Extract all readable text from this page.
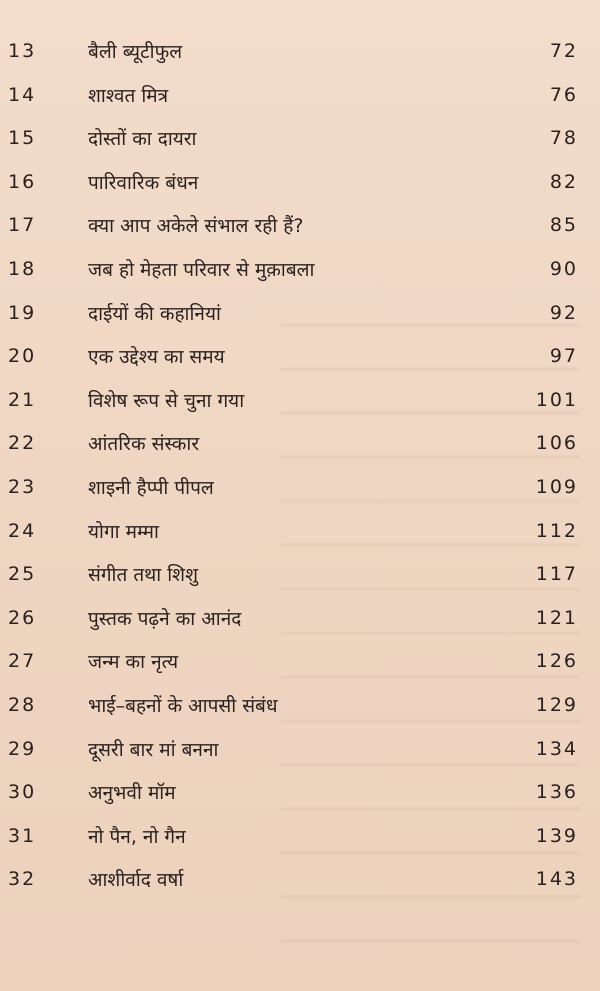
13	बैली ब्यूटीफुल	72
14	शाश्वत मित्र	76
15	दोस्तों का दायरा	78
16	पारिवारिक बंधन	82
17	क्या आप अकेले संभाल रही हैं?	85
18	जब हो मेहता परिवार से मुक़ाबला	90
19	दाईयों की कहानियां	92
20	एक उद्देश्य का समय	97
21	विशेष रूप से चुना गया	101
22	आंतरिक संस्कार	106
23	शाइनी हैप्पी पीपल	109
24	योगा मम्मा	112
25	संगीत तथा शिशु	117
26	पुस्तक पढ़ने का आनंद	121
27	जन्म का नृत्य	126
28	भाई–बहनों के आपसी संबंध	129
29	दूसरी बार मां बनना	134
30	अनुभवी मॉम	136
31	नो पैन, नो गैन	139
32	आशीर्वाद वर्षा	143
